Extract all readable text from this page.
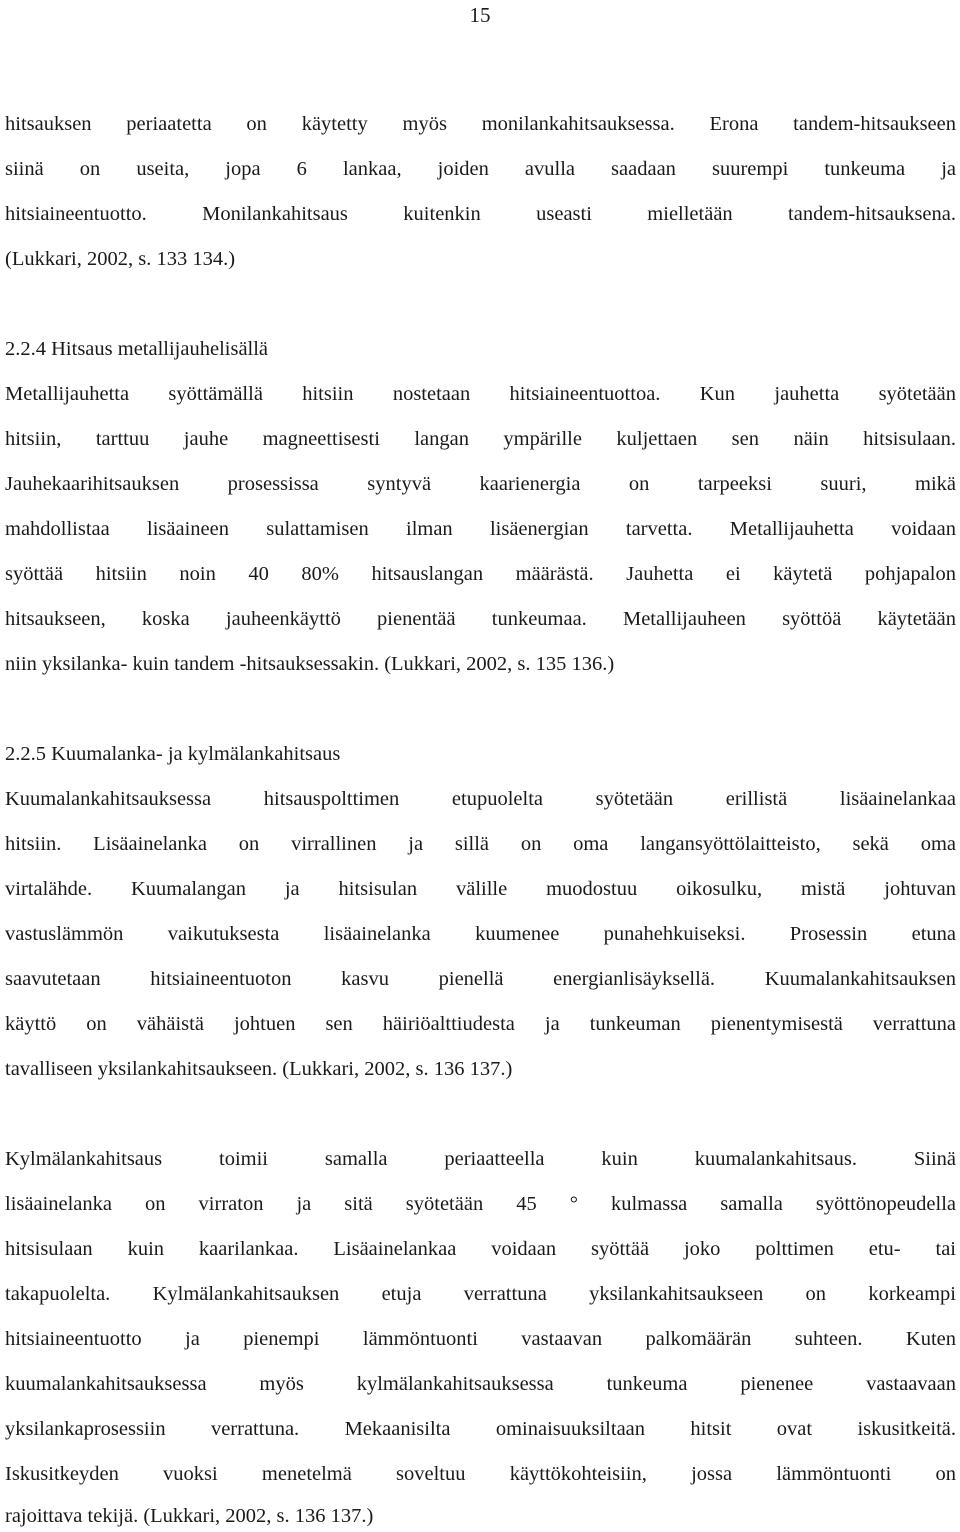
15
hitsauksen periaatetta on käytetty myös monilankahitsauksessa. Erona tandem-hitsaukseen
siinä on useita, jopa 6 lankaa, joiden avulla saadaan suurempi tunkeuma ja
hitsiaineentuotto. Monilankahitsaus kuitenkin useasti mielletään tandem-hitsauksena.
(Lukkari, 2002, s. 133 134.)
2.2.4 Hitsaus metallijauhelisällä
Metallijauhetta syöttämällä hitsiin nostetaan hitsiaineentuottoa. Kun jauhetta syötetään
hitsiin, tarttuu jauhe magneettisesti langan ympärille kuljettaen sen näin hitsisulaan.
Jauhekaarihitsauksen prosessissa syntyvä kaarienergia on tarpeeksi suuri, mikä
mahdollistaa lisäaineen sulattamisen ilman lisäenergian tarvetta. Metallijauhetta voidaan
syöttää hitsiin noin 40 80% hitsauslangan määrästä. Jauhetta ei käytetä pohjapalon
hitsaukseen, koska jauheenkäyttö pienentää tunkeumaa. Metallijauheen syöttöä käytetään
niin yksilanka- kuin tandem -hitsauksessakin. (Lukkari, 2002, s. 135 136.)
2.2.5 Kuumalanka- ja kylmälankahitsaus
Kuumalankahitsauksessa hitsauspolttimen etupuolelta syötetään erillistä lisäainelankaa
hitsiin. Lisäainelanka on virrallinen ja sillä on oma langansyöttölaitteisto, sekä oma
virtalähde. Kuumalangan ja hitsisulan välille muodostuu oikosulku, mistä johtuvan
vastuslämmön vaikutuksesta lisäainelanka kuumenee punahehkuiseksi. Prosessin etuna
saavutetaan hitsiaineentuoton kasvu pienellä energianlisäyksellä. Kuumalankahitsauksen
käyttö on vähäistä johtuen sen häiriöalttiudesta ja tunkeuman pienentymisestä verrattuna
tavalliseen yksilankahitsaukseen. (Lukkari, 2002, s. 136 137.)
Kylmälankahitsaus toimii samalla periaatteella kuin kuumalankahitsaus. Siinä
lisäainelanka on virraton ja sitä syötetään 45 ° kulmassa samalla syöttönopeudella
hitsisulaan kuin kaarilankaa. Lisäainelankaa voidaan syöttää joko polttimen etu- tai
takapuolelta. Kylmälankahitsauksen etuja verrattuna yksilankahitsaukseen on korkeampi
hitsiaineentuotto ja pienempi lämmöntuonti vastaavan palkomäärän suhteen. Kuten
kuumalankahitsauksessa myös kylmälankahitsauksessa tunkeuma pienenee vastaavaan
yksilankaprosessiin verrattuna. Mekaanisilta ominaisuuksiltaan hitsit ovat iskusitkeitä.
Iskusitkeyden vuoksi menetelmä soveltuu käyttökohteisiin, jossa lämmöntuonti on
rajoittava tekijä. (Lukkari, 2002, s. 136 137.)
